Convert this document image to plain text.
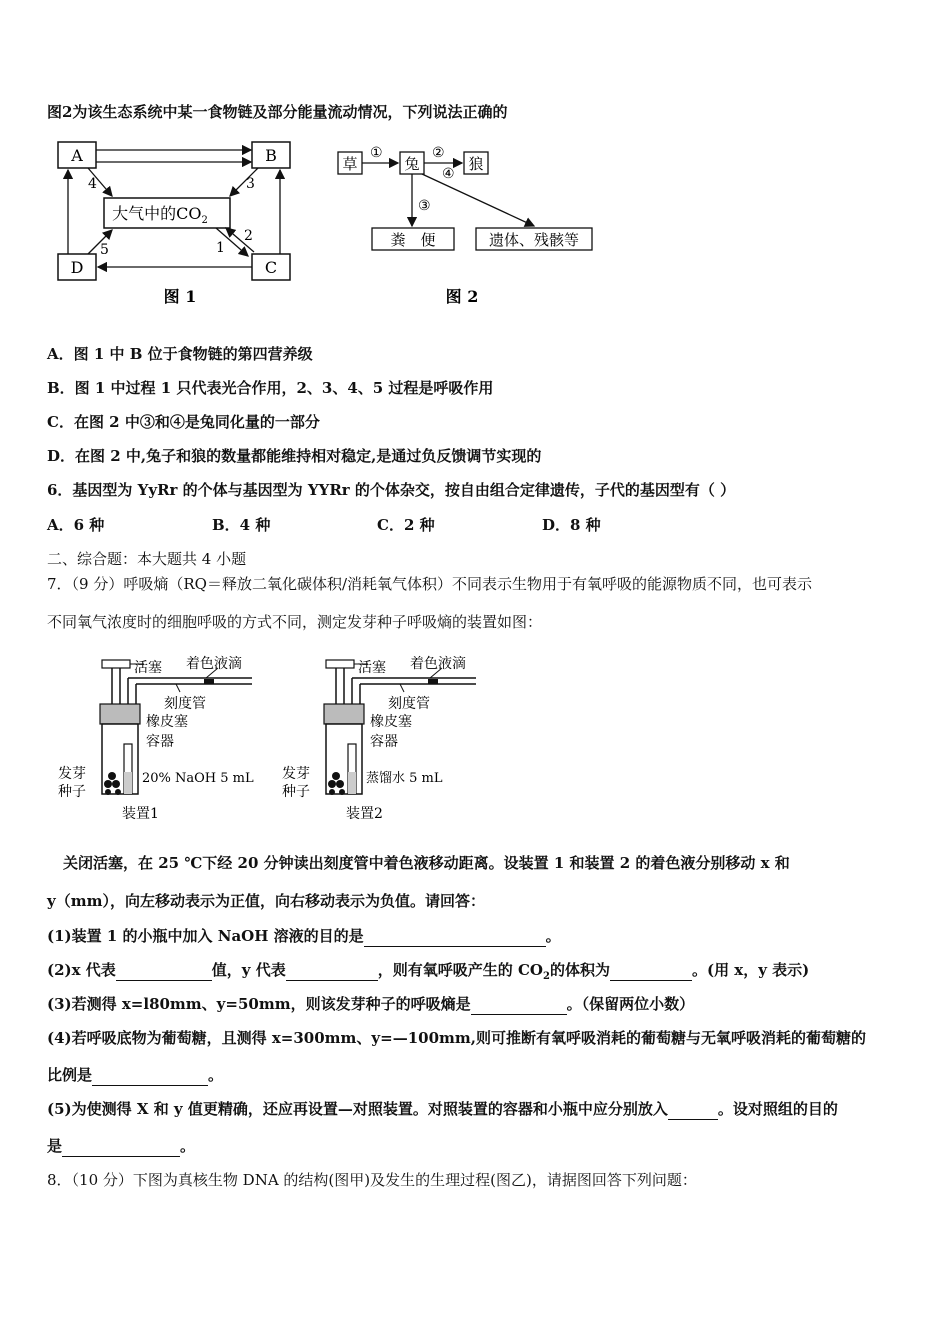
图2为该生态系统中某一食物链及部分能量流动情况，下列说法正确的
A	B
D	C
大气中的$CO_2$
4	3
1
2
5
图 1
草	兔	狼
粪　便	遗体、残骸等
①	②
④
③
图 2
A．图 1 中 B 位于食物链的第四营养级
B．图 1 中过程 1 只代表光合作用，2、3、4、5 过程是呼吸作用
C．在图 2 中③和④是兔同化量的一部分
D．在图 2 中,兔子和狼的数量都能维持相对稳定,是通过负反馈调节实现的
6．基因型为 YyRr 的个体与基因型为 YYRr 的个体杂交，按自由组合定律遗传，子代的基因型有（ ）
A．6 种	B．4 种	C．2 种	D．8 种
二、综合题：本大题共 4 小题
7．（9 分）呼吸熵（RQ＝释放二氧化碳体积/消耗氧气体积）不同表示生物用于有氧呼吸的能源物质不同，也可表示
不同氧气浓度时的细胞呼吸的方式不同，测定发芽种子呼吸熵的装置如图：
活塞 着色液滴
刻度管
橡皮塞
容器
20% NaOH 5 mL
发芽
种子
装置1
活塞 着色液滴
刻度管
橡皮塞
容器
蒸馏水 5 mL
发芽
种子
装置2
关闭活塞，在 25 ℃下经 20 分钟读出刻度管中着色液移动距离。设装置 1 和装置 2 的着色液分别移动 x 和
y（mm），向左移动表示为正值，向右移动表示为负值。请回答：
(1)装置 1 的小瓶中加入 NaOH 溶液的目的是	。
(2)x 代表	值，y 代表	，则有氧呼吸产生的 $CO_2$的体积为	。(用 x，y 表示)
(3)若测得 x=l80mm、y=50mm，则该发芽种子的呼吸熵是	。（保留两位小数）
(4)若呼吸底物为葡萄糖，且测得 x=300mm、y=—100mm,则可推断有氧呼吸消耗的葡萄糖与无氧呼吸消耗的葡萄糖的
比例是	。
(5)为使测得 X 和 y 值更精确，还应再设置—对照装置。对照装置的容器和小瓶中应分别放入	。设对照组的目的
是	。
8．（10 分）下图为真核生物 DNA 的结构(图甲)及发生的生理过程(图乙)，请据图回答下列问题：
